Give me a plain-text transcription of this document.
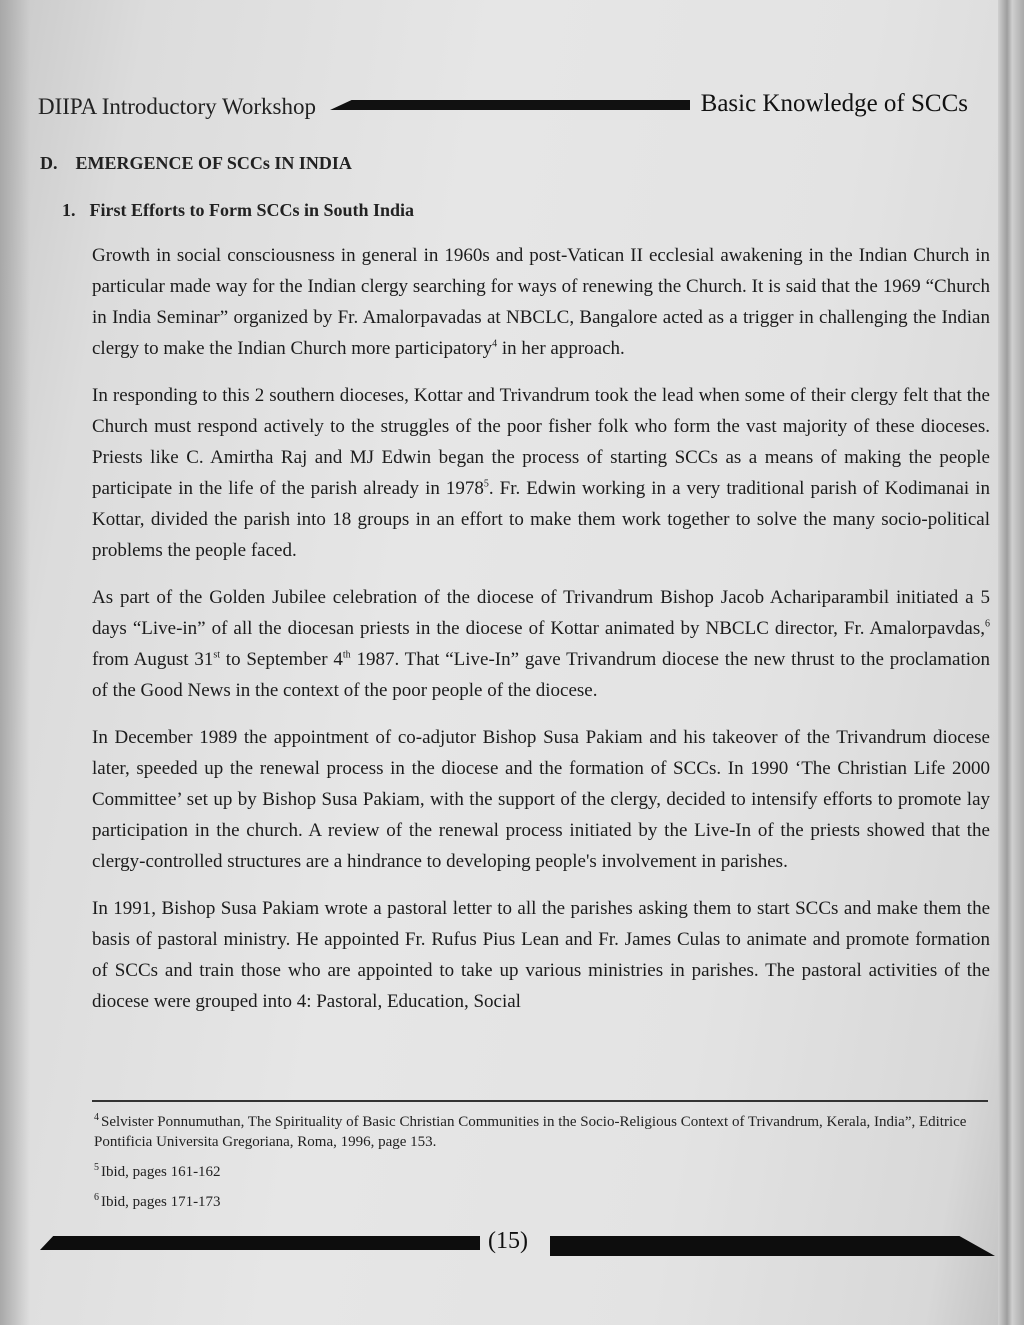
DIIPA Introductory Workshop	Basic Knowledge of SCCs
D. EMERGENCE OF SCCs IN INDIA
1. First Efforts to Form SCCs in South India

Growth in social consciousness in general in 1960s and post-Vatican II ecclesial awakening in the Indian Church in particular made way for the Indian clergy searching for ways of renewing the Church. It is said that the 1969 “Church in India Seminar” organized by Fr. Amalorpavadas at NBCLC, Bangalore acted as a trigger in challenging the Indian clergy to make the Indian Church more participatory$^4$ in her approach.

In responding to this 2 southern dioceses, Kottar and Trivandrum took the lead when some of their clergy felt that the Church must respond actively to the struggles of the poor fisher folk who form the vast majority of these dioceses. Priests like C. Amirtha Raj and MJ Edwin began the process of starting SCCs as a means of making the people participate in the life of the parish already in 1978$^5$. Fr. Edwin working in a very traditional parish of Kodimanai in Kottar, divided the parish into 18 groups in an effort to make them work together to solve the many socio-political problems the people faced.

As part of the Golden Jubilee celebration of the diocese of Trivandrum Bishop Jacob Achariparambil initiated a 5 days “Live-in” of all the diocesan priests in the diocese of Kottar animated by NBCLC director, Fr. Amalorpavdas,$^6$ from August 31st to September 4th 1987. That “Live-In” gave Trivandrum diocese the new thrust to the proclamation of the Good News in the context of the poor people of the diocese.

In December 1989 the appointment of co-adjutor Bishop Susa Pakiam and his takeover of the Trivandrum diocese later, speeded up the renewal process in the diocese and the formation of SCCs. In 1990 ‘The Christian Life 2000 Committee’ set up by Bishop Susa Pakiam, with the support of the clergy, decided to intensify efforts to promote lay participation in the church. A review of the renewal process initiated by the Live-In of the priests showed that the clergy-controlled structures are a hindrance to developing people's involvement in parishes.

In 1991, Bishop Susa Pakiam wrote a pastoral letter to all the parishes asking them to start SCCs and make them the basis of pastoral ministry. He appointed Fr. Rufus Pius Lean and Fr. James Culas to animate and promote formation of SCCs and train those who are appointed to take up various ministries in parishes. The pastoral activities of the diocese were grouped into 4: Pastoral, Education, Social

$^4$ Selvister Ponnumuthan, The Spirituality of Basic Christian Communities in the Socio-Religious Context of Trivandrum, Kerala, India”, Editrice Pontificia Universita Gregoriana, Roma, 1996, page 153.

$^5$ Ibid, pages 161-162

$^6$ Ibid, pages 171-173

(15)
